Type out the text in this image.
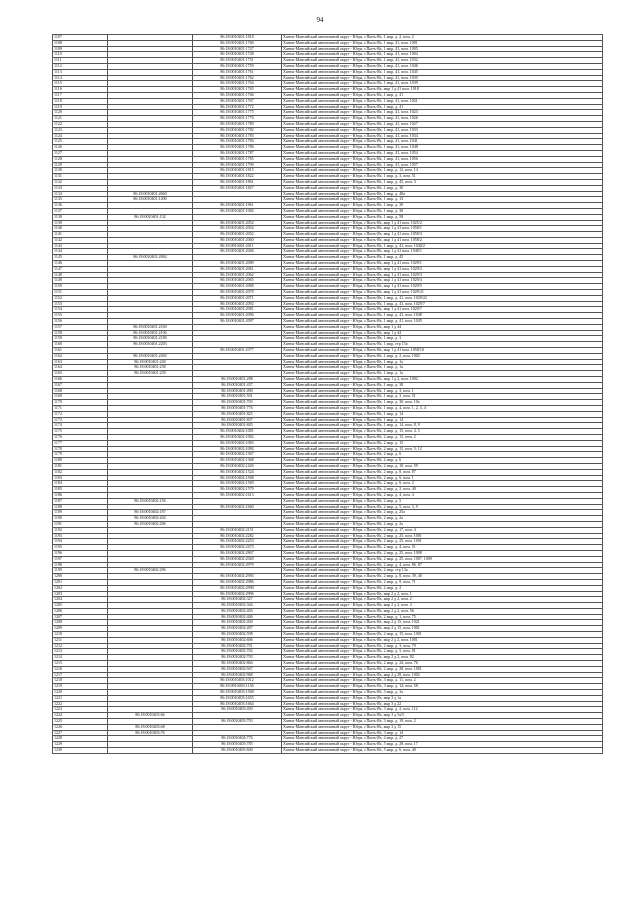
94
1107		86:18:0010401:1818	Ханты-Мансийский автономный округ - Югра, г.Пыть-Ях, 1 мкр, д. 2, пом. 2
1108		86:18:0010401:1760	Ханты-Мансийский автономный округ - Югра, г.Пыть-Ях, 1 мкр, 41, пом. 1001
1109		86:18:0010401:1747	Ханты-Мансийский автономный округ - Югра, г.Пыть-Ях, 1 мкр, 41, пом. 1005
1110		86:18:0010401:1748	Ханты-Мансийский автономный округ - Югра, г.Пыть-Ях, 1 мкр, 41, пом. 1004
1111		86:18:0010401:1751	Ханты-Мансийский автономный округ - Югра, г.Пыть-Ях, 1 мкр, 41, пом. 1032
1112		86:18:0010401:1759	Ханты-Мансийский автономный округ - Югра, г.Пыть-Ях, 1 мкр, 41, пом. 1046
1113		86:18:0010401:1761	Ханты-Мансийский автономный округ - Югра, г.Пыть-Ях, 1 мкр, 41, пом. 1045
1114		86:18:0010401:1762	Ханты-Мансийский автономный округ - Югра, г.Пыть-Ях, 1 мкр, 41, пом. 1035
1115		86:18:0010401:1764	Ханты-Мансийский автономный округ - Югра, г.Пыть-Ях, 1 мкр, 41, пом. 1039
1116		86:18:0010401:1765	Ханты-Мансийский автономный округ - Югра, г.Пыть-Ях, мкр 1 д 41 пом. 1018
1117		86:18:0010401:1766	Ханты-Мансийский автономный округ - Югра, г.Пыть-Ях, 1 мкр, д. 41
1118		86:18:0010401:1767	Ханты-Мансийский автономный округ - Югра, г.Пыть-Ях, 1 мкр, 41, пом. 1021
1119		86:18:0010401:1772	Ханты-Мансийский автономный округ - Югра, г.Пыть-Ях, 1 мкр, д. 41
1120		86:18:0010401:1775	Ханты-Мансийский автономный округ - Югра, г.Пыть-Ях, 1 мкр, 41, пом. 1023
1121		86:18:0010401:1776	Ханты-Мансийский автономный округ - Югра, г.Пыть-Ях, 1 мкр, 41, пом. 1026
1122		86:18:0010401:1780	Ханты-Мансийский автономный округ - Югра, г.Пыть-Ях, 1 мкр, 41, пом. 1027
1123		86:18:0010401:1782	Ханты-Мансийский автономный округ - Югра, г.Пыть-Ях, 1 мкр, 41, пом. 1033
1124		86:18:0010401:1783	Ханты-Мансийский автономный округ - Югра, г.Пыть-Ях, 1 мкр, 41, пом. 1034
1125		86:18:0010401:1784	Ханты-Мансийский автономный округ - Югра, г.Пыть-Ях, 1 мкр, 41, пом. 1041
1126		86:18:0010401:1786	Ханты-Мансийский автономный округ - Югра, г.Пыть-Ях, 1 мкр, 41, пом. 1048
1127		86:18:0010401:1787	Ханты-Мансийский автономный округ - Югра, г.Пыть-Ях, 1 мкр, 41, пом. 1054
1128		86:18:0010401:1785	Ханты-Мансийский автономный округ - Югра, г.Пыть-Ях, 1 мкр, 41, пом. 1056
1129		86:18:0010401:1790	Ханты-Мансийский автономный округ - Югра, г.Пыть-Ях, 1 мкр, 41, пом. 1057
1130		86:18:0010401:1815	Ханты-Мансийский автономный округ - Югра, г.Пыть-Ях, 1 мкр, д. 12, пом. 14
1131		86:18:0010401:1822	Ханты-Мансийский автономный округ - Югра, г.Пыть-Ях, 1 мкр, д. 3, пом. 51
1132		86:18:0010401:1801	Ханты-Мансийский автономный округ - Югра, г.Пыть-Ях, 1 мкр, д. 45, пом. 3
1133		86:18:0010401:1827	Ханты-Мансийский автономный округ - Югра, г.Пыть-Ях, 1 мкр, д. 30
1134	86:18:0010401:2660		Ханты-Мансийский автономный округ - Югра, г.Пыть-Ях, 1 мкр, д. 40а
1135	86:18:0010401:1400		Ханты-Мансийский автономный округ - Югра, г.Пыть-Ях, 1 мкр, д. 13
1136		86:18:0010401:1961	Ханты-Мансийский автономный округ - Югра, г.Пыть-Ях, 1 мкр, д. 30
1137		86:18:0010401:1084	Ханты-Мансийский автономный округ - Югра, г.Пыть-Ях, 1 мкр, д. 30
1138	86:18:0010401:132		Ханты-Мансийский автономный округ - Югра, г.Пыть-Ях, 1 мкр, д. 58
1139		86:18:0010401:2052	Ханты-Мансийский автономный округ - Югра, г.Пыть-Ях, мкр 1 д 41 пом. 1025/2
1140		86:18:0010401:2054	Ханты-Мансийский автономный округ - Югра, г.Пыть-Ях, мкр 1 д 41 пом. 1058/1
1141		86:18:0010401:2052	Ханты-Мансийский автономный округ - Югра, г.Пыть-Ях, мкр 1 д 41 пом. 1058/3
1142		86:18:0010401:2060	Ханты-Мансийский автономный округ - Югра, г.Пыть-Ях, мкр 1 д 41 пом. 1058/2
1143		86:18:0010401:2011	Ханты-Мансийский автономный округ - Югра, г.Пыть-Ях, 1 мкр, д. 41, пом. 1040/2
1144		86:18:0010401:2046	Ханты-Мансийский автономный округ - Югра, г.Пыть-Ях, мкр 1 д 41 пом. 1040/1
1145	86:18:0010401:2062		Ханты-Мансийский автономный округ - Югра, г.Пыть-Ях, 1 мкр, д. 45
1146		86:18:0010401:2080	Ханты-Мансийский автономный округ - Югра, г.Пыть-Ях, мкр 1 д 41 пом. 1029/1
1147		86:18:0010401:2061	Ханты-Мансийский автономный округ - Югра, г.Пыть-Ях, мкр 1 д 41 пом. 1029/2
1148		86:18:0010401:2062	Ханты-Мансийский автономный округ - Югра, г.Пыть-Ях, мкр 1 д 41 пом. 1029/3
1149		86:18:0010401:2065	Ханты-Мансийский автономный округ - Югра, г.Пыть-Ях, мкр 1 д 41 пом. 1029/4
1150		86:18:0010401:2068	Ханты-Мансийский автономный округ - Югра, г.Пыть-Ях, мкр 1 д 41 пом. 1029/5
1151		86:18:0010401:2070	Ханты-Мансийский автономный округ - Югра, г.Пыть-Ях, мкр 1 д 41 пом. 1029/21
1152		86:18:0010401:2071	Ханты-Мансийский автономный округ - Югра, г.Пыть-Ях, 1 мкр, д. 41, пом. 1029/22
1153		86:18:0010401:2092	Ханты-Мансийский автономный округ - Югра, г.Пыть-Ях, 1 мкр, д. 41, пом. 1029/7
1154		86:18:0010401:2081	Ханты-Мансийский автономный округ - Югра, г.Пыть-Ях, мкр 1 д 41 пом. 1029/7
1155		86:18:0010401:2096	Ханты-Мансийский автономный округ - Югра, г.Пыть-Ях, 1 мкр, д. 41, пом. 1048
1156		86:18:0010401:2097	Ханты-Мансийский автономный округ - Югра, г.Пыть-Ях, 1 мкр, д. 41, пом. 1045
1157	86:18:0010401:2160		Ханты-Мансийский автономный округ - Югра, г.Пыть-Ях, мкр 1 д 44
1158	86:18:0010401:2106		Ханты-Мансийский автономный округ - Югра, г.Пыть-Ях, мкр 1 д 44
1159	86:18:0010401:2180		Ханты-Мансийский автономный округ - Югра, г.Пыть-Ях, 1 мкр, д. 3
1160	86:18:0010401:2203		Ханты-Мансийский автономный округ - Югра, г.Пыть-Ях, 1 мкр, стр 15а
1161		86:18:0010401:2377	Ханты-Мансийский автономный округ - Югра, г.Пыть-Ях, мкр 1 д 41 пом. 1058/10
1162	86:18:0010401:2492		Ханты-Мансийский автономный округ - Югра, г.Пыть-Ях, 1 мкр, д. 2, пом. 1002
1163	86:18:0010401:240		Ханты-Мансийский автономный округ - Югра, г.Пыть-Ях, 1 мкр, д. 1а
1164	86:18:0010401:238		Ханты-Мансийский автономный округ - Югра, г.Пыть-Ях, 1 мкр, д. 1а
1165	86:18:0010401:239		Ханты-Мансийский автономный округ - Югра, г.Пыть-Ях, 1 мкр, д. 1а
1166		86:18:0010401:288	Ханты-Мансийский автономный округ - Югра, г.Пыть-Ях, мкр 1 д 2, пом. 1002
1167		86:18:0010401:437	Ханты-Мансийский автономный округ - Югра, г.Пыть-Ях, 1 мкр, д. 38
1168		86:18:0010401:490	Ханты-Мансийский автономный округ - Югра, г.Пыть-Ях, 1 мкр, д. 3, пом. 1
1169		86:18:0010401:501	Ханты-Мансийский автономный округ - Югра, г.Пыть-Ях, 1 мкр, д. 3, пом. 51
1170		86:18:0010401:703	Ханты-Мансийский автономный округ - Югра, г.Пыть-Ях, 1 мкр, д. 30, пом. 10а
1171		86:18:0010401:776	Ханты-Мансийский автономный округ - Югра, г.Пыть-Ях, 1 мкр, д. 4, пом. 1, 2, 3, 4
1172		86:18:0010401:825	Ханты-Мансийский автономный округ - Югра, г.Пыть-Ях, 1 мкр, д. 14
1173		86:18:0010401:837	Ханты-Мансийский автономный округ - Югра, г.Пыть-Ях, 1 мкр, д. 14
1174		86:18:0010401:845	Ханты-Мансийский автономный округ - Югра, г.Пыть-Ях, 1 мкр, д. 14, пом. 8, 9
1175		86:18:0010402:1081	Ханты-Мансийский автономный округ - Югра, г.Пыть-Ях, 2 мкр, д. 15, пом. 4, 5
1176		86:18:0010402:1082	Ханты-Мансийский автономный округ - Югра, г.Пыть-Ях, 2 мкр, д. 15, пом. 2
1177		86:18:0010402:1083	Ханты-Мансийский автономный округ - Югра, г.Пыть-Ях, 2 мкр, д. 15
1178		86:18:0010402:1084	Ханты-Мансийский автономный округ - Югра, г.Пыть-Ях, 2 мкр, д. 15, пом. 5, 12
1179		86:18:0010402:1367	Ханты-Мансийский автономный округ - Югра, г.Пыть-Ях, 2 мкр, д. 6
1180		86:18:0010402:1368	Ханты-Мансийский автономный округ - Югра, г.Пыть-Ях, 2 мкр, д. 6
1181		86:18:0010402:1426	Ханты-Мансийский автономный округ - Югра, г.Пыть-Ях, 2 мкр, д. 10, пом. 59
1182		86:18:0010402:1524	Ханты-Мансийский автономный округ - Югра, г.Пыть-Ях, 2 мкр, д. 8, пом. 87
1183		86:18:0010402:1568	Ханты-Мансийский автономный округ - Югра, г.Пыть-Ях, 2 мкр, д. 6, пом. 1
1184		86:18:0010402:1569	Ханты-Мансийский автономный округ - Югра, г.Пыть-Ях, 2 мкр, д. 6, пом. 2
1185		86:18:0010402:1579	Ханты-Мансийский автономный округ - Югра, г.Пыть-Ях, 2 мкр, д. 2, пом. 40
1186		86:18:0010402:1613	Ханты-Мансийский автономный округ - Югра, г.Пыть-Ях, 2 мкр, д. 4, пом. 4
1187	86:18:0010402:156		Ханты-Мансийский автономный округ - Югра, г.Пыть-Ях, 2 мкр, д. 5
1188		86:18:0010402:1660	Ханты-Мансийский автономный округ - Югра, г.Пыть-Ях, 2 мкр, д. 5, пом. 3, 9
1189	86:18:0010402:187		Ханты-Мансийский автономный округ - Югра, г.Пыть-Ях, 2 мкр, д. 25а
1190	86:18:0010402:204		Ханты-Мансийский автономный округ - Югра, г.Пыть-Ях, 2 мкр, д. 2а
1191	86:18:0010402:206		Ханты-Мансийский автономный округ - Югра, г.Пыть-Ях, 2 мкр, д. 2а
1192		86:18:0010402:2151	Ханты-Мансийский автономный округ - Югра, г.Пыть-Ях, 2 мкр, д. 17, пом. 4
1193		86:18:0010402:2282	Ханты-Мансийский автономный округ - Югра, г.Пыть-Ях, 2 мкр, д. 25, пом. 1001
1194		86:18:0010402:2253	Ханты-Мансийский автономный округ - Югра, г.Пыть-Ях, 2 мкр, д. 25, пом. 1001
1195		86:18:0010402:2475	Ханты-Мансийский автономный округ - Югра, г.Пыть-Ях, 2 мкр, д. 4, пом. 51
1196		86:18:0010402:2867	Ханты-Мансийский автономный округ - Югра, г.Пыть-Ях, 2 мкр, д. 25, пом. 1008
1197		86:18:0010402:2920	Ханты-Мансийский автономный округ - Югра, г.Пыть-Ях, 2 мкр, д. 25, пом. 1007, 1009
1198		86:18:0010402:2979	Ханты-Мансийский автономный округ - Югра, г.Пыть-Ях, 2 мкр, д. 4, пом. 86, 87
1199	86:18:0010402:296		Ханты-Мансийский автономный округ - Югра, г.Пыть-Ях, 2 мкр, стр 13а
1200		86:18:0010402:2983	Ханты-Мансийский автономный округ - Югра, г.Пыть-Ях, 2 мкр, д. 8, пом. 39, 40
1201		86:18:0010402:2986	Ханты-Мансийский автономный округ - Югра, г.Пыть-Ях, 2 мкр, д. 8, пом. 71
1202		86:18:0010402:2990	Ханты-Мансийский автономный округ - Югра, г.Пыть-Ях, 2 мкр, д. 2
1203		86:18:0010402:2996	Ханты-Мансийский автономный округ - Югра, г.Пыть-Ях, мкр 2 д 2, пом. 1
1204		86:18:0010402:327	Ханты-Мансийский автономный округ - Югра, г.Пыть-Ях, мкр 2 д 2, пом. 2
1205		86:18:0010402:344	Ханты-Мансийский автономный округ - Югра, г.Пыть-Ях, мкр 2 д 2, пом. 3
1206		86:18:0010402:403	Ханты-Мансийский автономный округ - Югра, г.Пыть-Ях, мкр 2 д 2, пом. 56
1207		86:18:0010402:406	Ханты-Мансийский автономный округ - Югра, г.Пыть-Ях, 2 мкр, д. 1, пом. 75
1208		86:18:0010402:494	Ханты-Мансийский автономный округ - Югра, г.Пыть-Ях, мкр 2 д 15, пом. 1021
1209		86:18:0010402:497	Ханты-Мансийский автономный округ - Югра, г.Пыть-Ях, мкр 2 д 15, пом. 1001
1210		86:18:0010402:598	Ханты-Мансийский автономный округ - Югра, г.Пыть-Ях, 2 мкр, д. 15, пом. 1001
1211		86:18:0010402:606	Ханты-Мансийский автономный округ - Югра, г.Пыть-Ях, мкр 2 д 2, пом. 1001
1212		86:18:0010402:701	Ханты-Мансийский автономный округ - Югра, г.Пыть-Ях, 2 мкр, д. 3, пом. 79
1213		86:18:0010402:702	Ханты-Мансийский автономный округ - Югра, г.Пыть-Ях, 2 мкр, д. 5, пом. 81
1214		86:18:0010402:703	Ханты-Мансийский автономный округ - Югра, г.Пыть-Ях, мкр 2 д 2, пом. 82
1215		86:18:0010402:864	Ханты-Мансийский автономный округ - Югра, г.Пыть-Ях, 2 мкр, д. 24, пом. 76
1216		86:18:0010402:947	Ханты-Мансийский автономный округ - Югра, г.Пыть-Ях, 2 мкр, д. 28, пом. 1001
1217		86:18:0010402:968	Ханты-Мансийский автономный округ - Югра, г.Пыть-Ях, мкр 2 д 28, пом. 1002
1218		86:18:0010403:1012	Ханты-Мансийский автономный округ - Югра, г.Пыть-Ях, 3 мкр, д. 11, пом. 2
1219		86:18:0010403:1136	Ханты-Мансийский автономный округ - Югра, г.Пыть-Ях, 3 мкр, д. 14, пом. 58
1220		86:18:0010403:1568	Ханты-Мансийский автономный округ - Югра, г.Пыть-Ях, 3 мкр, д. 3а
1221		86:18:0010403:1655	Ханты-Мансийский автономный округ - Югра, г.Пыть-Ях, мкр 3 д 1а
1222		86:18:0010403:1664	Ханты-Мансийский автономный округ - Югра, г.Пыть-Ях, мкр 3 д 22
1223		86:18:0010403:450	Ханты-Мансийский автономный округ - Югра, г.Пыть-Ях, 3 мкр, д. 2, пом. 112
1224	86:18:0010403:66		Ханты-Мансийский автономный округ - Югра, г.Пыть-Ях, мкр 3 д 5а/5
1225		86:18:0010403:703	Ханты-Мансийский автономный округ - Югра, г.Пыть-Ях, 3 мкр, д. 19, пом. 2
1226	86:18:0010403:68		Ханты-Мансийский автономный округ - Югра, г.Пыть-Ях, мкр 3 д 15
1227	86:18:0010403:76		Ханты-Мансийский автономный округ - Югра, г.Пыть-Ях, 3 мкр, д. 14
1228		86:18:0010404:776	Ханты-Мансийский автономный округ - Югра, г.Пыть-Ях, 4 мкр, д. 27
1229		86:18:0010405:785	Ханты-Мансийский автономный округ - Югра, г.Пыть-Ях, 5 мкр, д. 20, пом. 17
1230		86:18:0010405:840	Ханты-Мансийский автономный округ - Югра, г.Пыть-Ях, 5 мкр, д. 6, пом. 40
